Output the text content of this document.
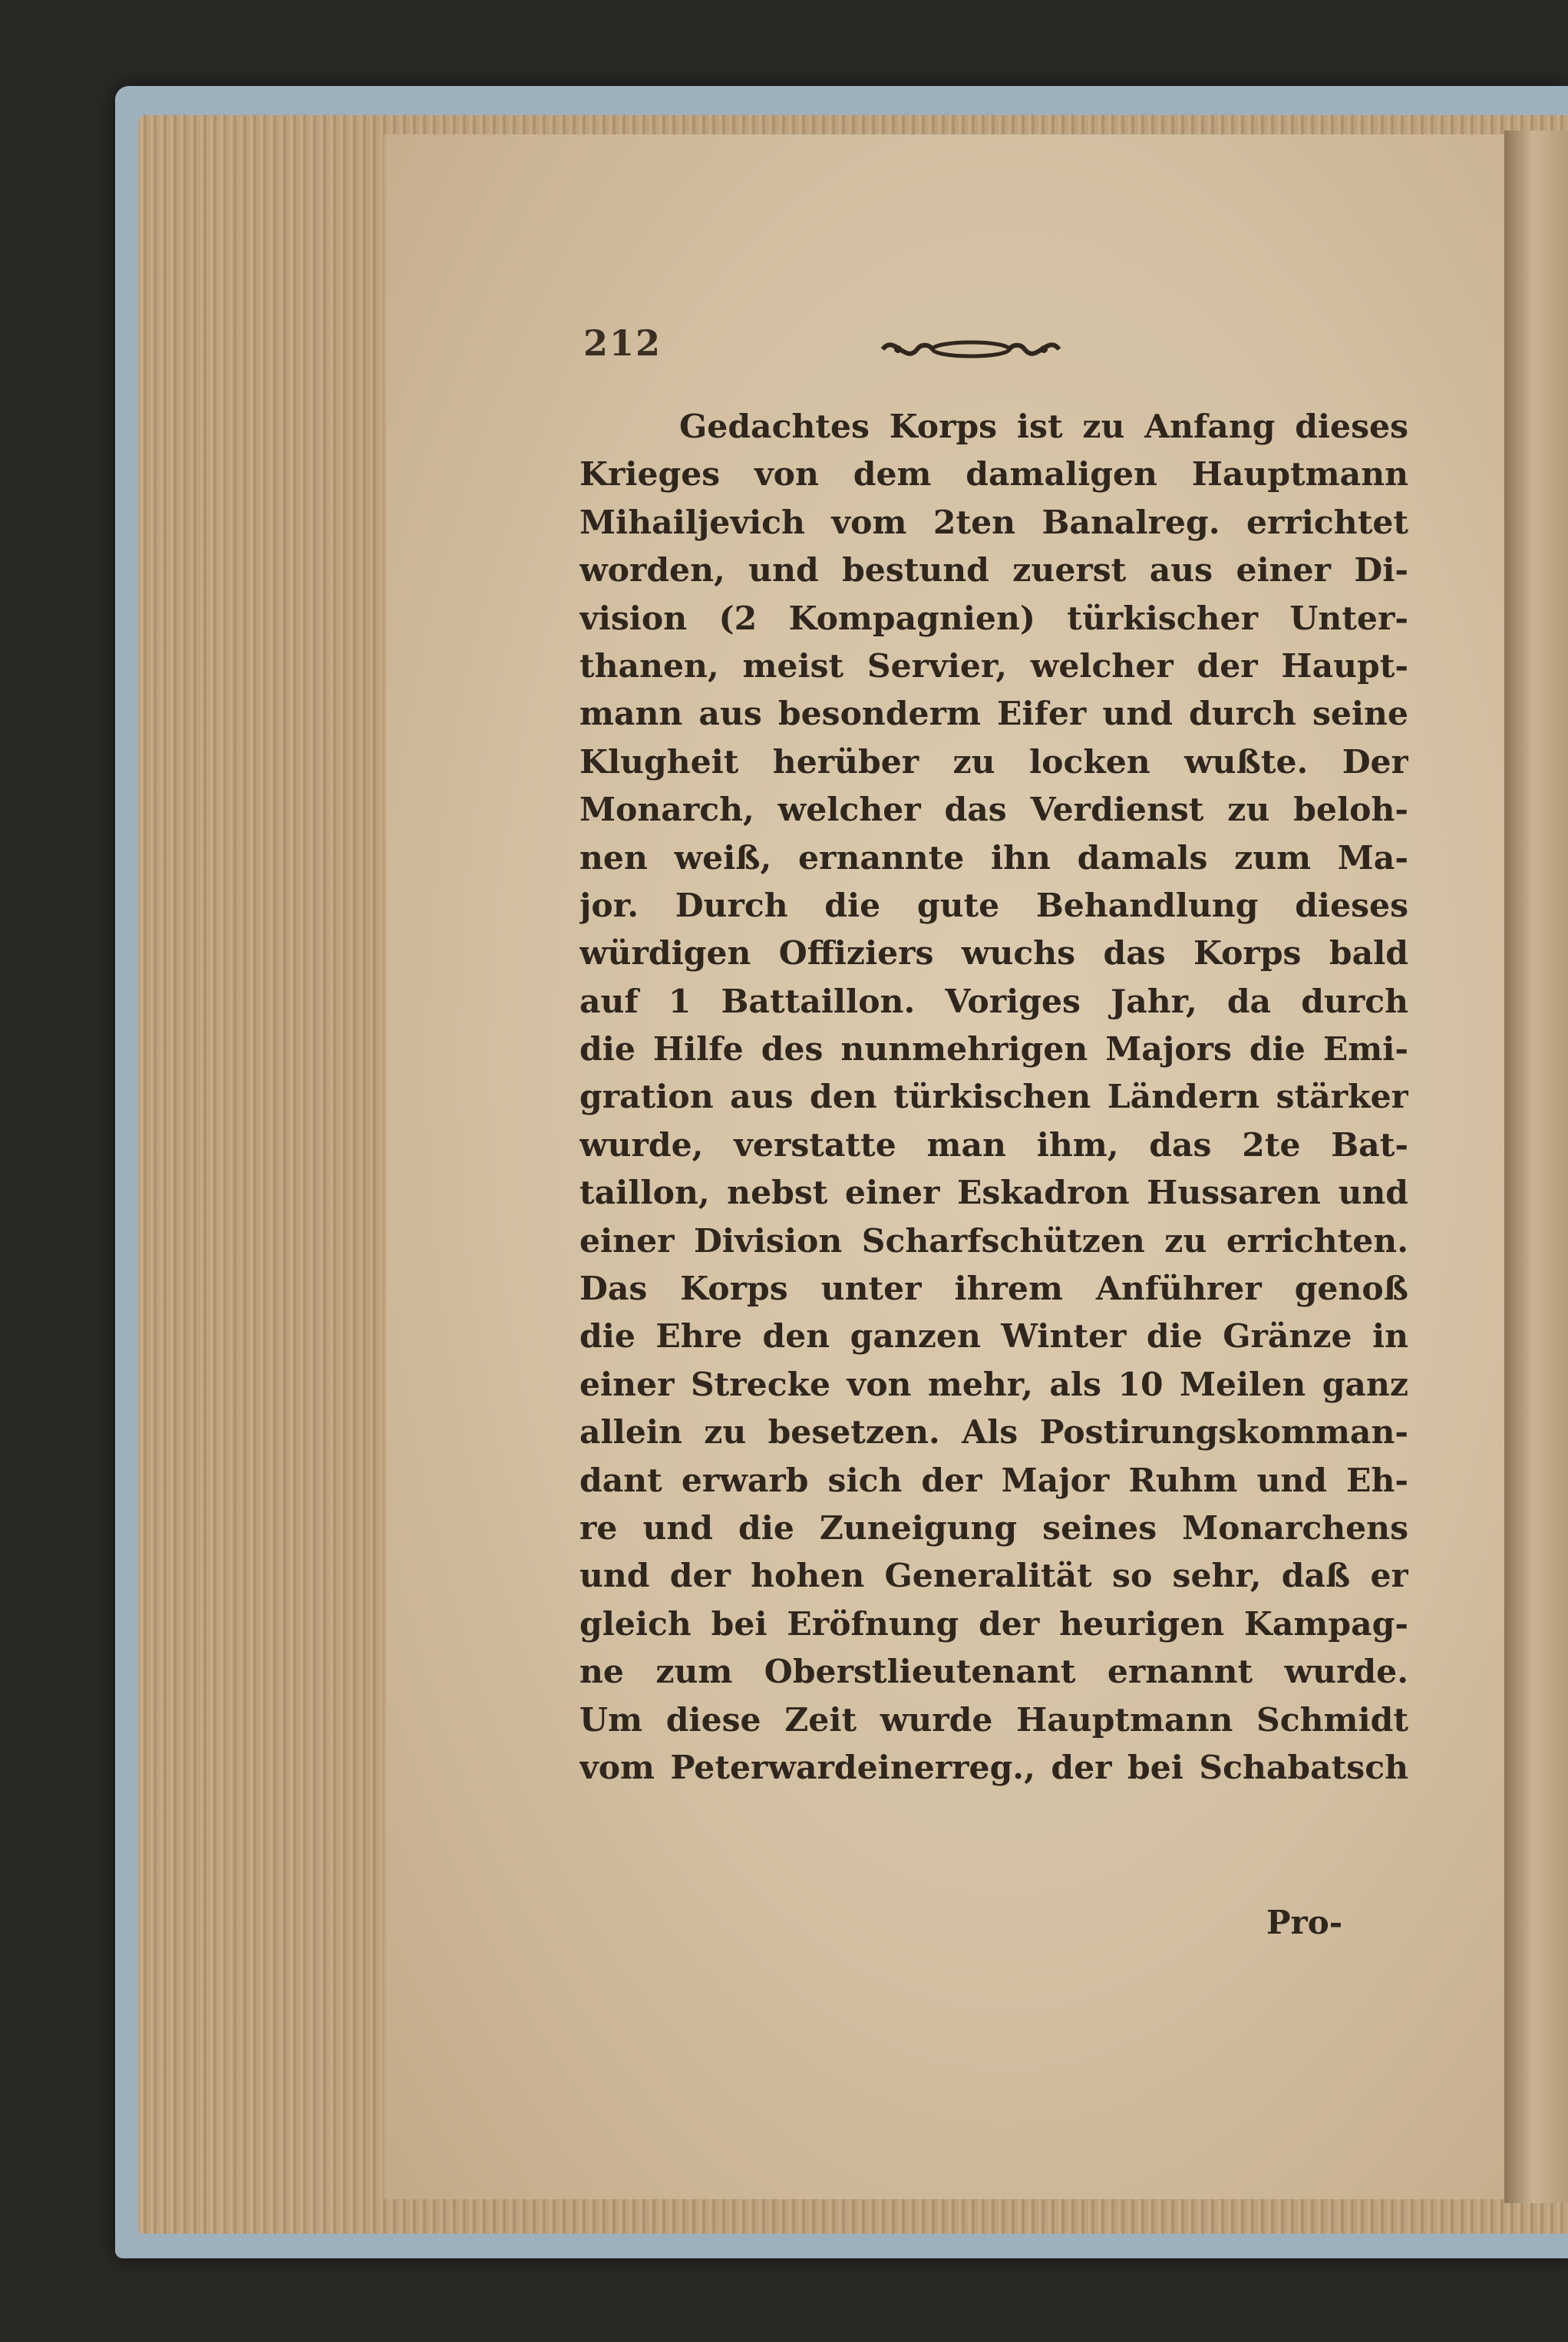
212
Gedachtes Korps ist zu Anfang dieses
Krieges von dem damaligen Hauptmann
Mihailjevich vom 2ten Banalreg. errichtet
worden, und bestund zuerst aus einer Di-
vision (2 Kompagnien) türkischer Unter-
thanen, meist Servier, welcher der Haupt-
mann aus besonderm Eifer und durch seine
Klugheit herüber zu locken wußte. Der
Monarch, welcher das Verdienst zu beloh-
nen weiß, ernannte ihn damals zum Ma-
jor. Durch die gute Behandlung dieses
würdigen Offiziers wuchs das Korps bald
auf 1 Battaillon. Voriges Jahr, da durch
die Hilfe des nunmehrigen Majors die Emi-
gration aus den türkischen Ländern stärker
wurde, verstatte man ihm, das 2te Bat-
taillon, nebst einer Eskadron Hussaren und
einer Division Scharfschützen zu errichten.
Das Korps unter ihrem Anführer genoß
die Ehre den ganzen Winter die Gränze in
einer Strecke von mehr, als 10 Meilen ganz
allein zu besetzen. Als Postirungskomman-
dant erwarb sich der Major Ruhm und Eh-
re und die Zuneigung seines Monarchens
und der hohen Generalität so sehr, daß er
gleich bei Eröfnung der heurigen Kampag-
ne zum Oberstlieutenant ernannt wurde.
Um diese Zeit wurde Hauptmann Schmidt
vom Peterwardeinerreg., der bei Schabatsch
Pro-
